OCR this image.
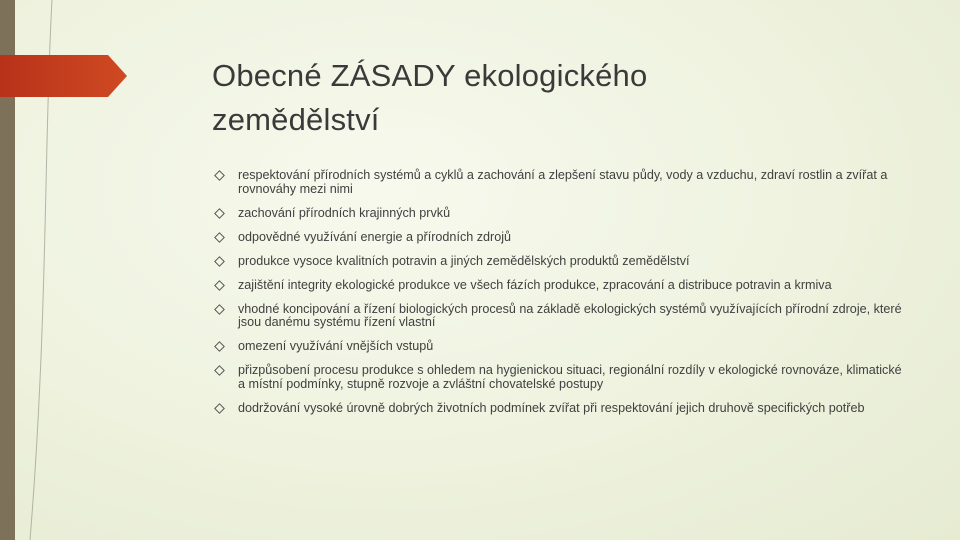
Obecné ZÁSADY ekologického
zemědělství
respektování přírodních systémů a cyklů a zachování a zlepšení stavu půdy, vody a vzduchu, zdraví rostlin a zvířat a rovnováhy mezi nimi
zachování přírodních krajinných prvků
odpovědné využívání energie a přírodních zdrojů
produkce vysoce kvalitních potravin a jiných zemědělských produktů zemědělství
zajištění integrity ekologické produkce ve všech fázích produkce, zpracování a distribuce potravin a krmiva
vhodné koncipování a řízení biologických procesů na základě ekologických systémů využívajících přírodní zdroje, které jsou danému systému řízení vlastní
omezení využívání vnějších vstupů
přizpůsobení procesu produkce s ohledem na hygienickou situaci, regionální rozdíly v ekologické rovnováze, klimatické a místní podmínky, stupně rozvoje a zvláštní chovatelské postupy
dodržování vysoké úrovně dobrých životních podmínek zvířat při respektování jejich druhově specifických potřeb
